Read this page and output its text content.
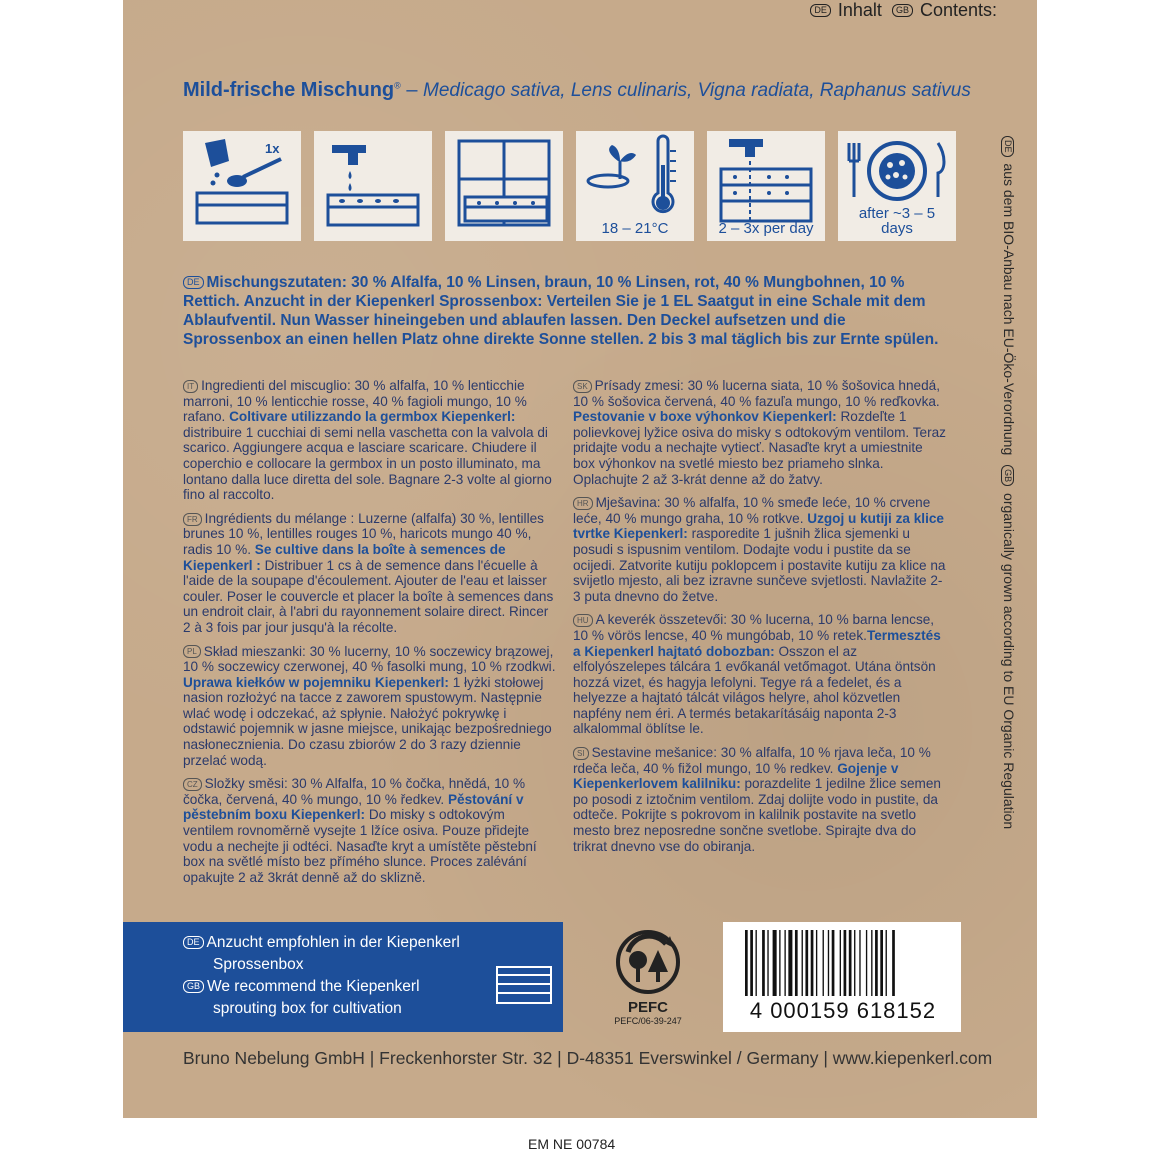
DE Inhalt	GB Contents:
Mild-frische Mischung® – Medicago sativa, Lens culinaris, Vigna radiata, Raphanus sativus
1x
18 – 21°C	2 – 3x per day
after ~3 – 5 days
DE aus dem BIO-Anbau nach EU-Öko-Verordnung GB organically grown according to EU Organic Regulation
DE Mischungszutaten: 30 % Alfalfa, 10 % Linsen, braun, 10 % Linsen, rot, 40 % Mungbohnen, 10 % Rettich. Anzucht in der Kiepenkerl Sprossenbox: Verteilen Sie je 1 EL Saatgut in eine Schale mit dem Ablaufventil. Nun Wasser hineingeben und ablaufen lassen. Den Deckel aufsetzen und die Sprossenbox an einen hellen Platz ohne direkte Sonne stellen. 2 bis 3 mal täglich bis zur Ernte spülen.

IT Ingredienti del miscuglio: 30 % alfalfa, 10 % lenticchie marroni, 10 % lenticchie rosse, 40 % fagioli mungo, 10 % rafano. Coltivare utilizzando la germbox Kiepenkerl: distribuire 1 cucchiai di semi nella vaschetta con la valvola di scarico. Aggiungere acqua e lasciare scaricare. Chiudere il coperchio e collocare la germbox in un posto illuminato, ma lontano dalla luce diretta del sole. Bagnare 2-3 volte al giorno fino al raccolto.

FR Ingrédients du mélange : Luzerne (alfalfa) 30 %, lentilles brunes 10 %, lentilles rouges 10 %, haricots mungo 40 %, radis 10 %. Se cultive dans la boîte à semences de Kiepenkerl : Distribuer 1 cs à de semence dans l'écuelle à l'aide de la soupape d'écoulement. Ajouter de l'eau et laisser couler. Poser le couvercle et placer la boîte à semences dans un endroit clair, à l'abri du rayonnement solaire direct. Rincer 2 à 3 fois par jour jusqu'à la récolte.

PL Skład mieszanki: 30 % lucerny, 10 % soczewicy brązowej, 10 % soczewicy czerwonej, 40 % fasolki mung, 10 % rzodkwi. Uprawa kiełków w pojemniku Kiepenkerl: 1 łyżki stołowej nasion rozłożyć na tacce z zaworem spustowym. Następnie wlać wodę i odczekać, aż spłynie. Nałożyć pokrywkę i odstawić pojemnik w jasne miejsce, unikając bezpośredniego nasłonecznienia. Do czasu zbiorów 2 do 3 razy dziennie przelać wodą.

CZ Složky směsi: 30 % Alfalfa, 10 % čočka, hnědá, 10 % čočka, červená, 40 % mungo, 10 % ředkev. Pěstování v pěstebním boxu Kiepenkerl: Do misky s odtokovým ventilem rovnoměrně vysejte 1 lžíce osiva. Pouze přidejte vodu a nechejte ji odtéci. Nasaďte kryt a umístěte pěstební box na světlé místo bez přímého slunce. Proces zalévání opakujte 2 až 3krát denně až do sklizně.

SK Prísady zmesi: 30 % lucerna siata, 10 % šošovica hnedá, 10 % šošovica červená, 40 % fazuľa mungo, 10 % reďkovka. Pestovanie v boxe výhonkov Kiepenkerl: Rozdeľte 1 polievkovej lyžice osiva do misky s odtokovým ventilom. Teraz pridajte vodu a nechajte vytiecť. Nasaďte kryt a umiestnite box výhonkov na svetlé miesto bez priameho slnka. Oplachujte 2 až 3-krát denne až do žatvy.

HR Mješavina: 30 % alfalfa, 10 % smeđe leće, 10 % crvene leće, 40 % mungo graha, 10 % rotkve. Uzgoj u kutiji za klice tvrtke Kiepenkerl: rasporedite 1 jušnih žlica sjemenki u posudi s ispusnim ventilom. Dodajte vodu i pustite da se ocijedi. Zatvorite kutiju poklopcem i postavite kutiju za klice na svijetlo mjesto, ali bez izravne sunčeve svjetlosti. Navlažite 2-3 puta dnevno do žetve.

HU A keverék összetevői: 30 % lucerna, 10 % barna lencse, 10 % vörös lencse, 40 % mungóbab, 10 % retek.Termesztés a Kiepenkerl hajtató dobozban: Osszon el az elfolyószelepes tálcára 1 evőkanál vetőmagot. Utána öntsön hozzá vizet, és hagyja lefolyni. Tegye rá a fedelet, és a helyezze a hajtató tálcát világos helyre, ahol közvetlen napfény nem éri. A termés betakarításáig naponta 2-3 alkalommal öblítse le.

SI Sestavine mešanice: 30 % alfalfa, 10 % rjava leča, 10 % rdeča leča, 40 % fižol mungo, 10 % redkev. Gojenje v Kiepenkerlovem kalilniku: porazdelite 1 jedilne žlice semen po posodi z iztočnim ventilom. Zdaj dolijte vodo in pustite, da odteče. Pokrijte s pokrovom in kalilnik postavite na svetlo mesto brez neposredne sončne svetlobe. Spirajte dva do trikrat dnevno vse do obiranja.

DE Anzucht empfohlen in der Kiepenkerl
Sprossenbox
GB We recommend the Kiepenkerl
sprouting box for cultivation	PEFC
PEFC/06-39-247	4 000159 618152
Bruno Nebelung GmbH | Freckenhorster Str. 32 | D-48351 Everswinkel / Germany | www.kiepenkerl.com
EM NE 00784
